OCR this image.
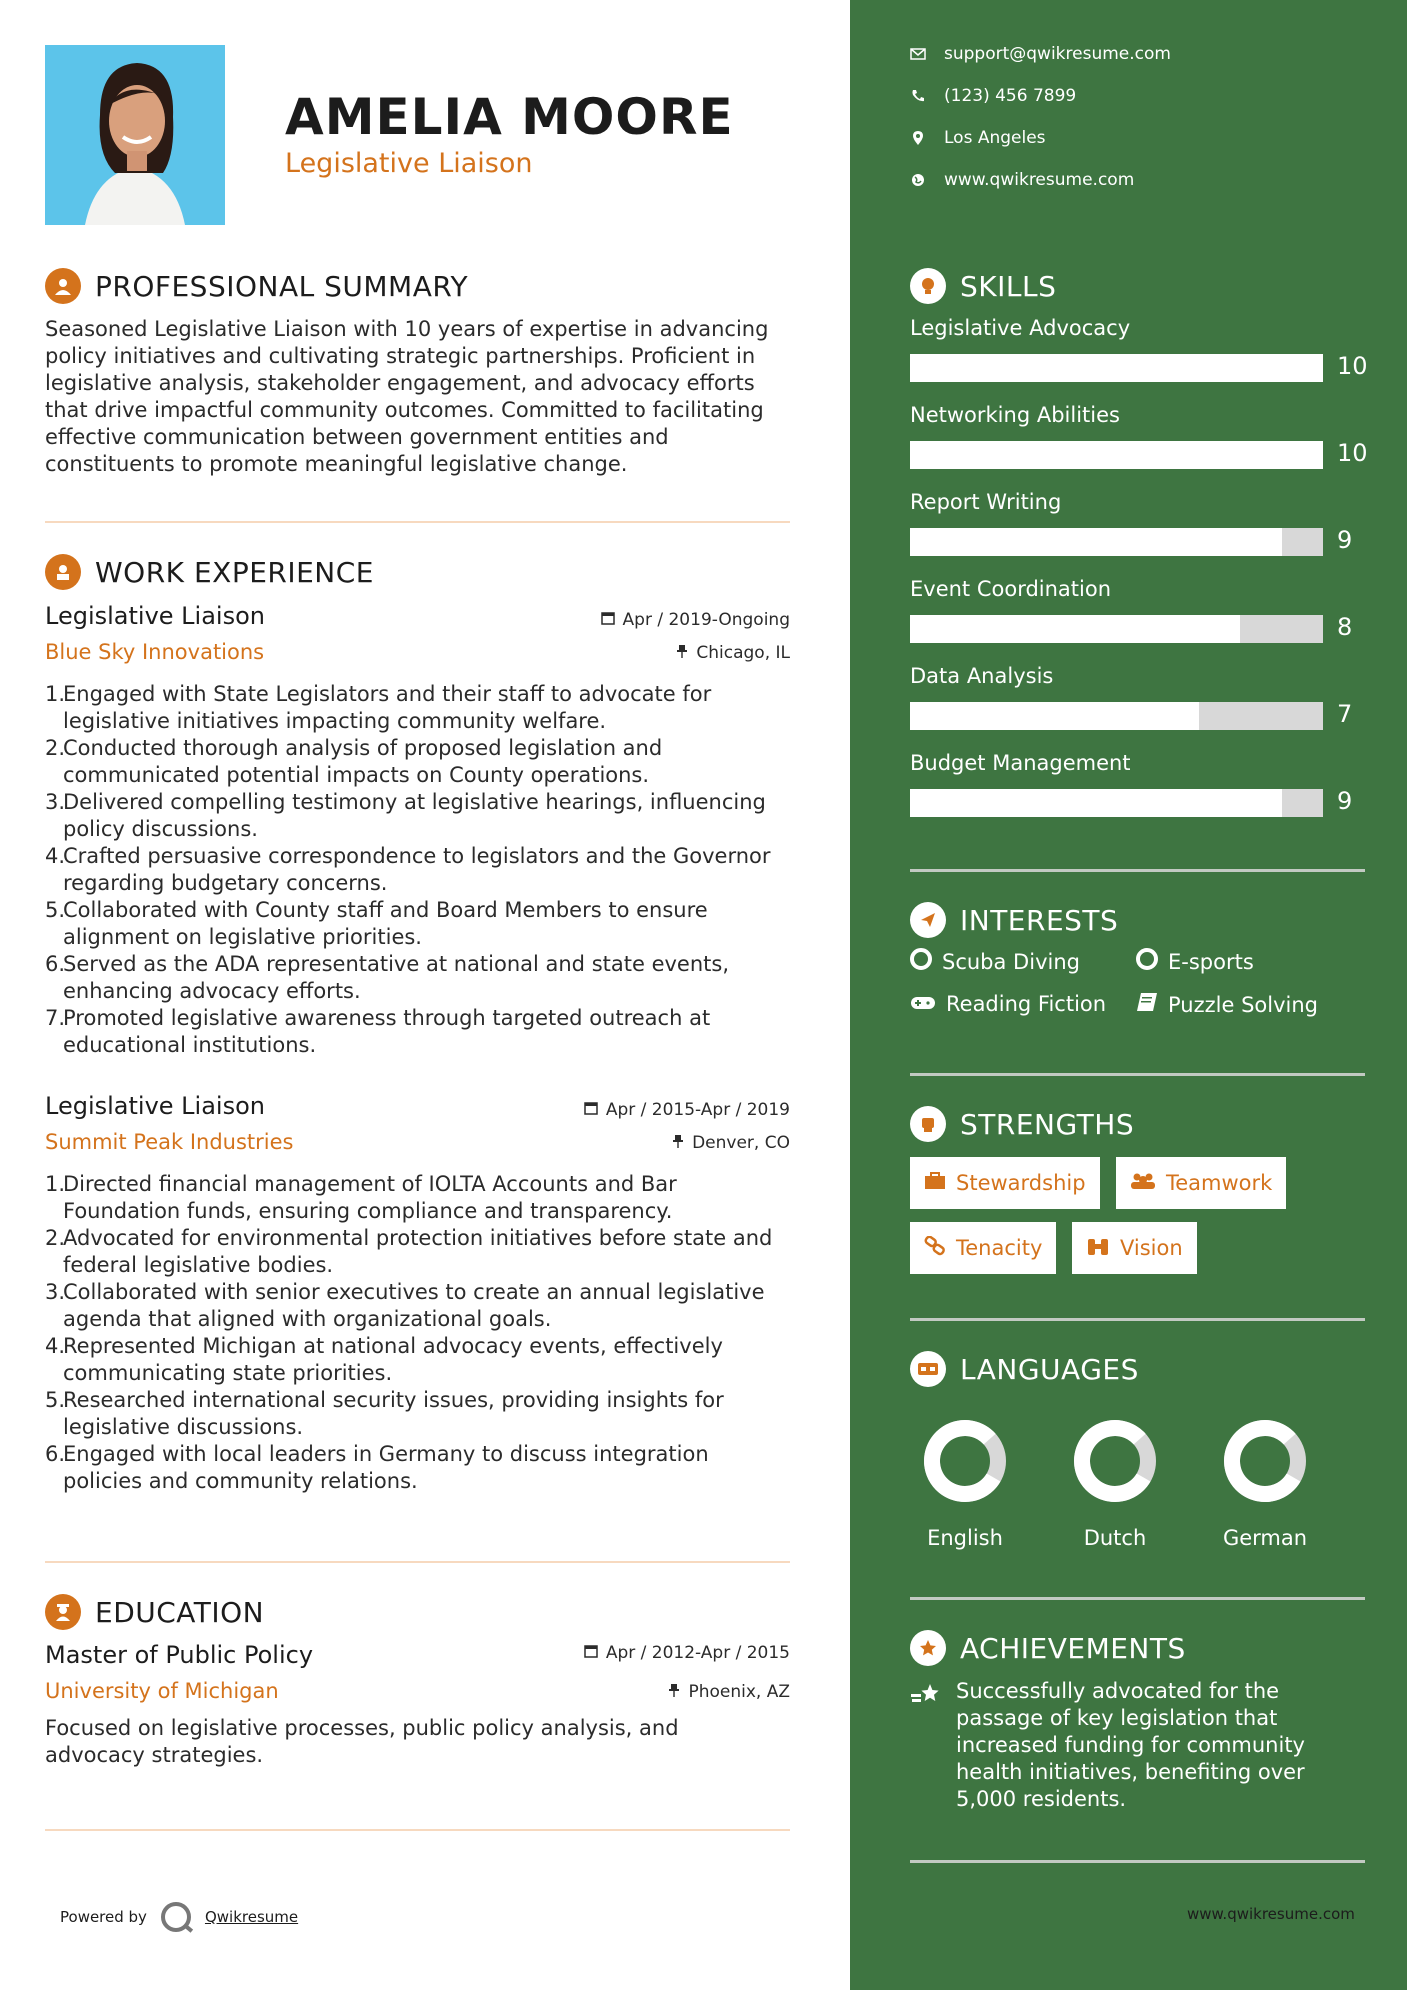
AMELIA MOORE
Legislative Liaison
PROFESSIONAL SUMMARY
Seasoned Legislative Liaison with 10 years of expertise in advancing policy initiatives and cultivating strategic partnerships. Proficient in legislative analysis, stakeholder engagement, and advocacy efforts that drive impactful community outcomes. Committed to facilitating effective communication between government entities and constituents to promote meaningful legislative change.
WORK EXPERIENCE
Legislative Liaison	Apr / 2019-Ongoing
Blue Sky Innovations	Chicago, IL
Engaged with State Legislators and their staff to advocate for legislative initiatives impacting community welfare.
Conducted thorough analysis of proposed legislation and communicated potential impacts on County operations.
Delivered compelling testimony at legislative hearings, influencing policy discussions.
Crafted persuasive correspondence to legislators and the Governor regarding budgetary concerns.
Collaborated with County staff and Board Members to ensure alignment on legislative priorities.
Served as the ADA representative at national and state events, enhancing advocacy efforts.
Promoted legislative awareness through targeted outreach at educational institutions.
Legislative Liaison	Apr / 2015-Apr / 2019
Summit Peak Industries	Denver, CO
Directed financial management of IOLTA Accounts and Bar Foundation funds, ensuring compliance and transparency.
Advocated for environmental protection initiatives before state and federal legislative bodies.
Collaborated with senior executives to create an annual legislative agenda that aligned with organizational goals.
Represented Michigan at national advocacy events, effectively communicating state priorities.
Researched international security issues, providing insights for legislative discussions.
Engaged with local leaders in Germany to discuss integration policies and community relations.
EDUCATION
Master of Public Policy	Apr / 2012-Apr / 2015
University of Michigan	Phoenix, AZ
Focused on legislative processes, public policy analysis, and advocacy strategies.
Powered by	Qwikresume
support@qwikresume.com
(123) 456 7899
Los Angeles
www.qwikresume.com
SKILLS
Legislative Advocacy
10
Networking Abilities
10
Report Writing
9
Event Coordination
8
Data Analysis
7
Budget Management
9
INTERESTS
Scuba Diving	E-sports
Reading Fiction	Puzzle Solving
STRENGTHS
Stewardship	Teamwork
Tenacity	Vision
LANGUAGES
English	Dutch	German
ACHIEVEMENTS
Successfully advocated for the passage of key legislation that increased funding for community health initiatives, benefiting over 5,000 residents.
www.qwikresume.com
